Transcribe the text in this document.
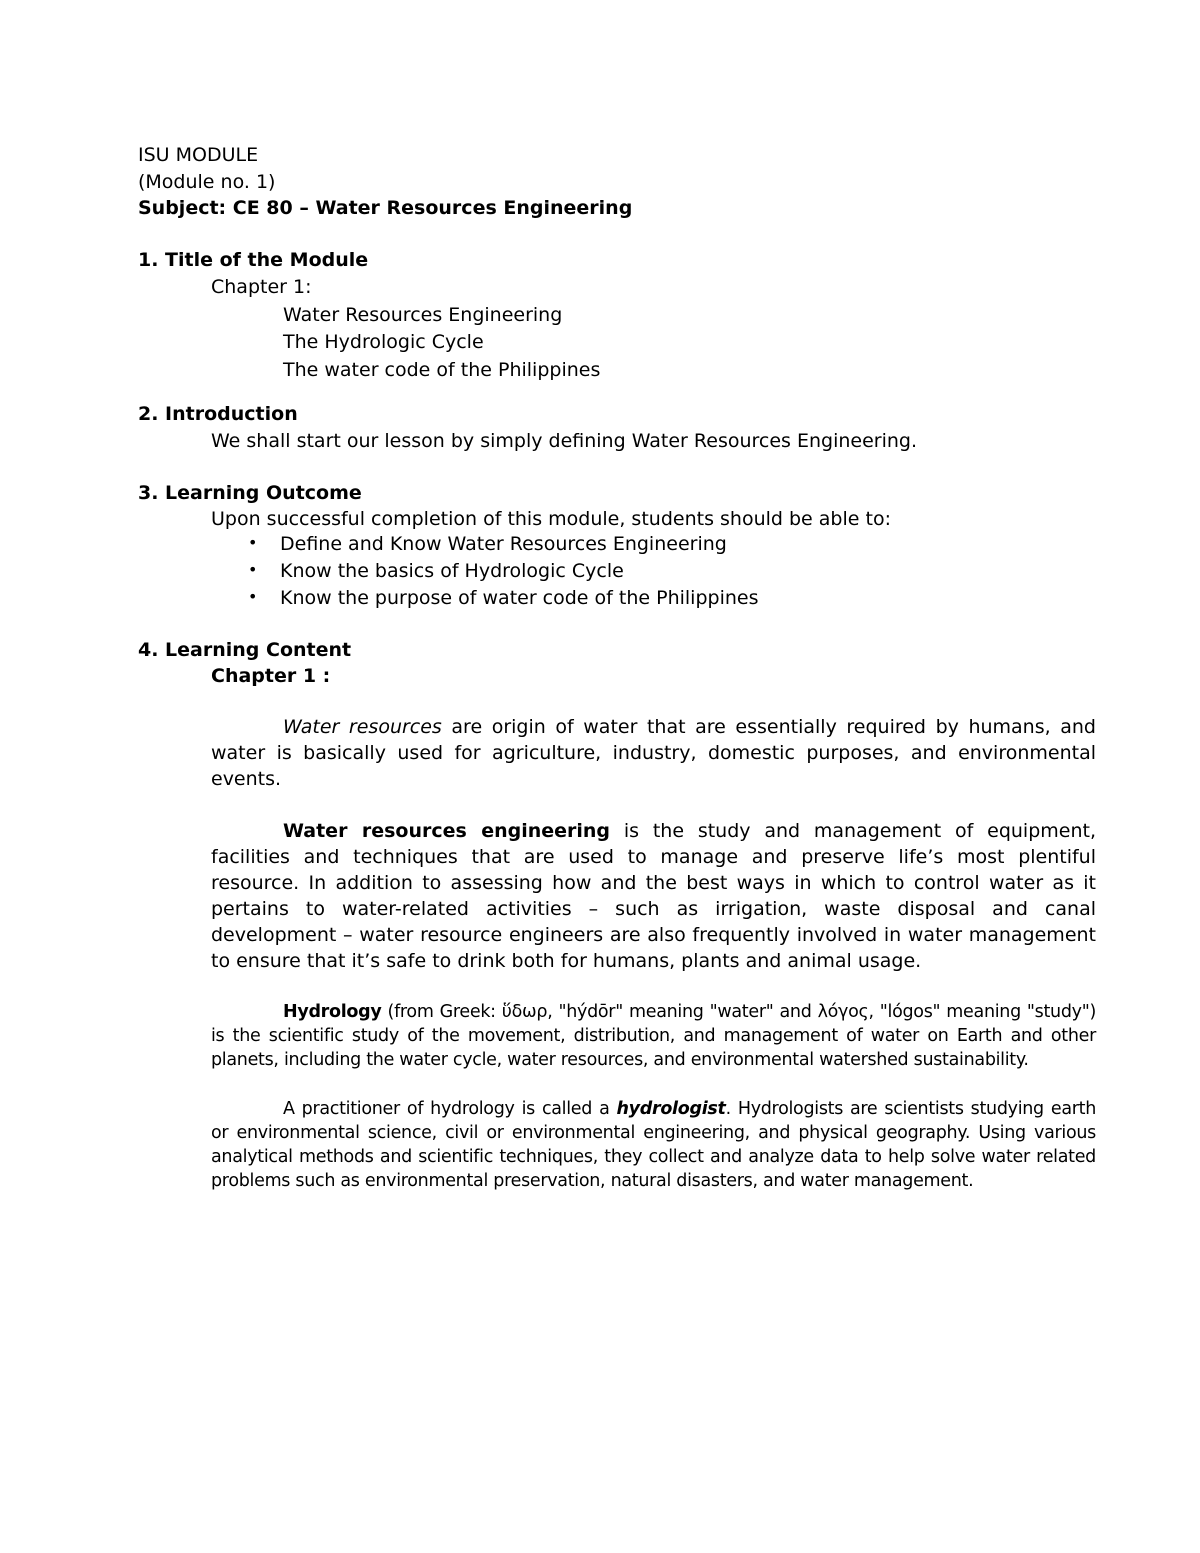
ISU MODULE
(Module no. 1)
Subject: CE 80 – Water Resources Engineering
1. Title of the Module
Chapter 1:
Water Resources Engineering
The Hydrologic Cycle
The water code of the Philippines
2. Introduction
We shall start our lesson by simply defining Water Resources Engineering.
3. Learning Outcome
Upon successful completion of this module, students should be able to:
• Define and Know Water Resources Engineering
• Know the basics of Hydrologic Cycle
• Know the purpose of water code of the Philippines
4. Learning Content
Chapter 1 :
Water resources are origin of water that are essentially required by humans, and water is basically used for agriculture, industry, domestic purposes, and environmental events.
Water resources engineering is the study and management of equipment, facilities and techniques that are used to manage and preserve life’s most plentiful resource. In addition to assessing how and the best ways in which to control water as it pertains to water-related activities – such as irrigation, waste disposal and canal development – water resource engineers are also frequently involved in water management to ensure that it’s safe to drink both for humans, plants and animal usage.
Hydrology (from Greek: ὕδωρ, "hýdōr" meaning "water" and λόγος, "lógos" meaning "study") is the scientific study of the movement, distribution, and management of water on Earth and other planets, including the water cycle, water resources, and environmental watershed sustainability.
A practitioner of hydrology is called a hydrologist. Hydrologists are scientists studying earth or environmental science, civil or environmental engineering, and physical geography. Using various analytical methods and scientific techniques, they collect and analyze data to help solve water related problems such as environmental preservation, natural disasters, and water management.
